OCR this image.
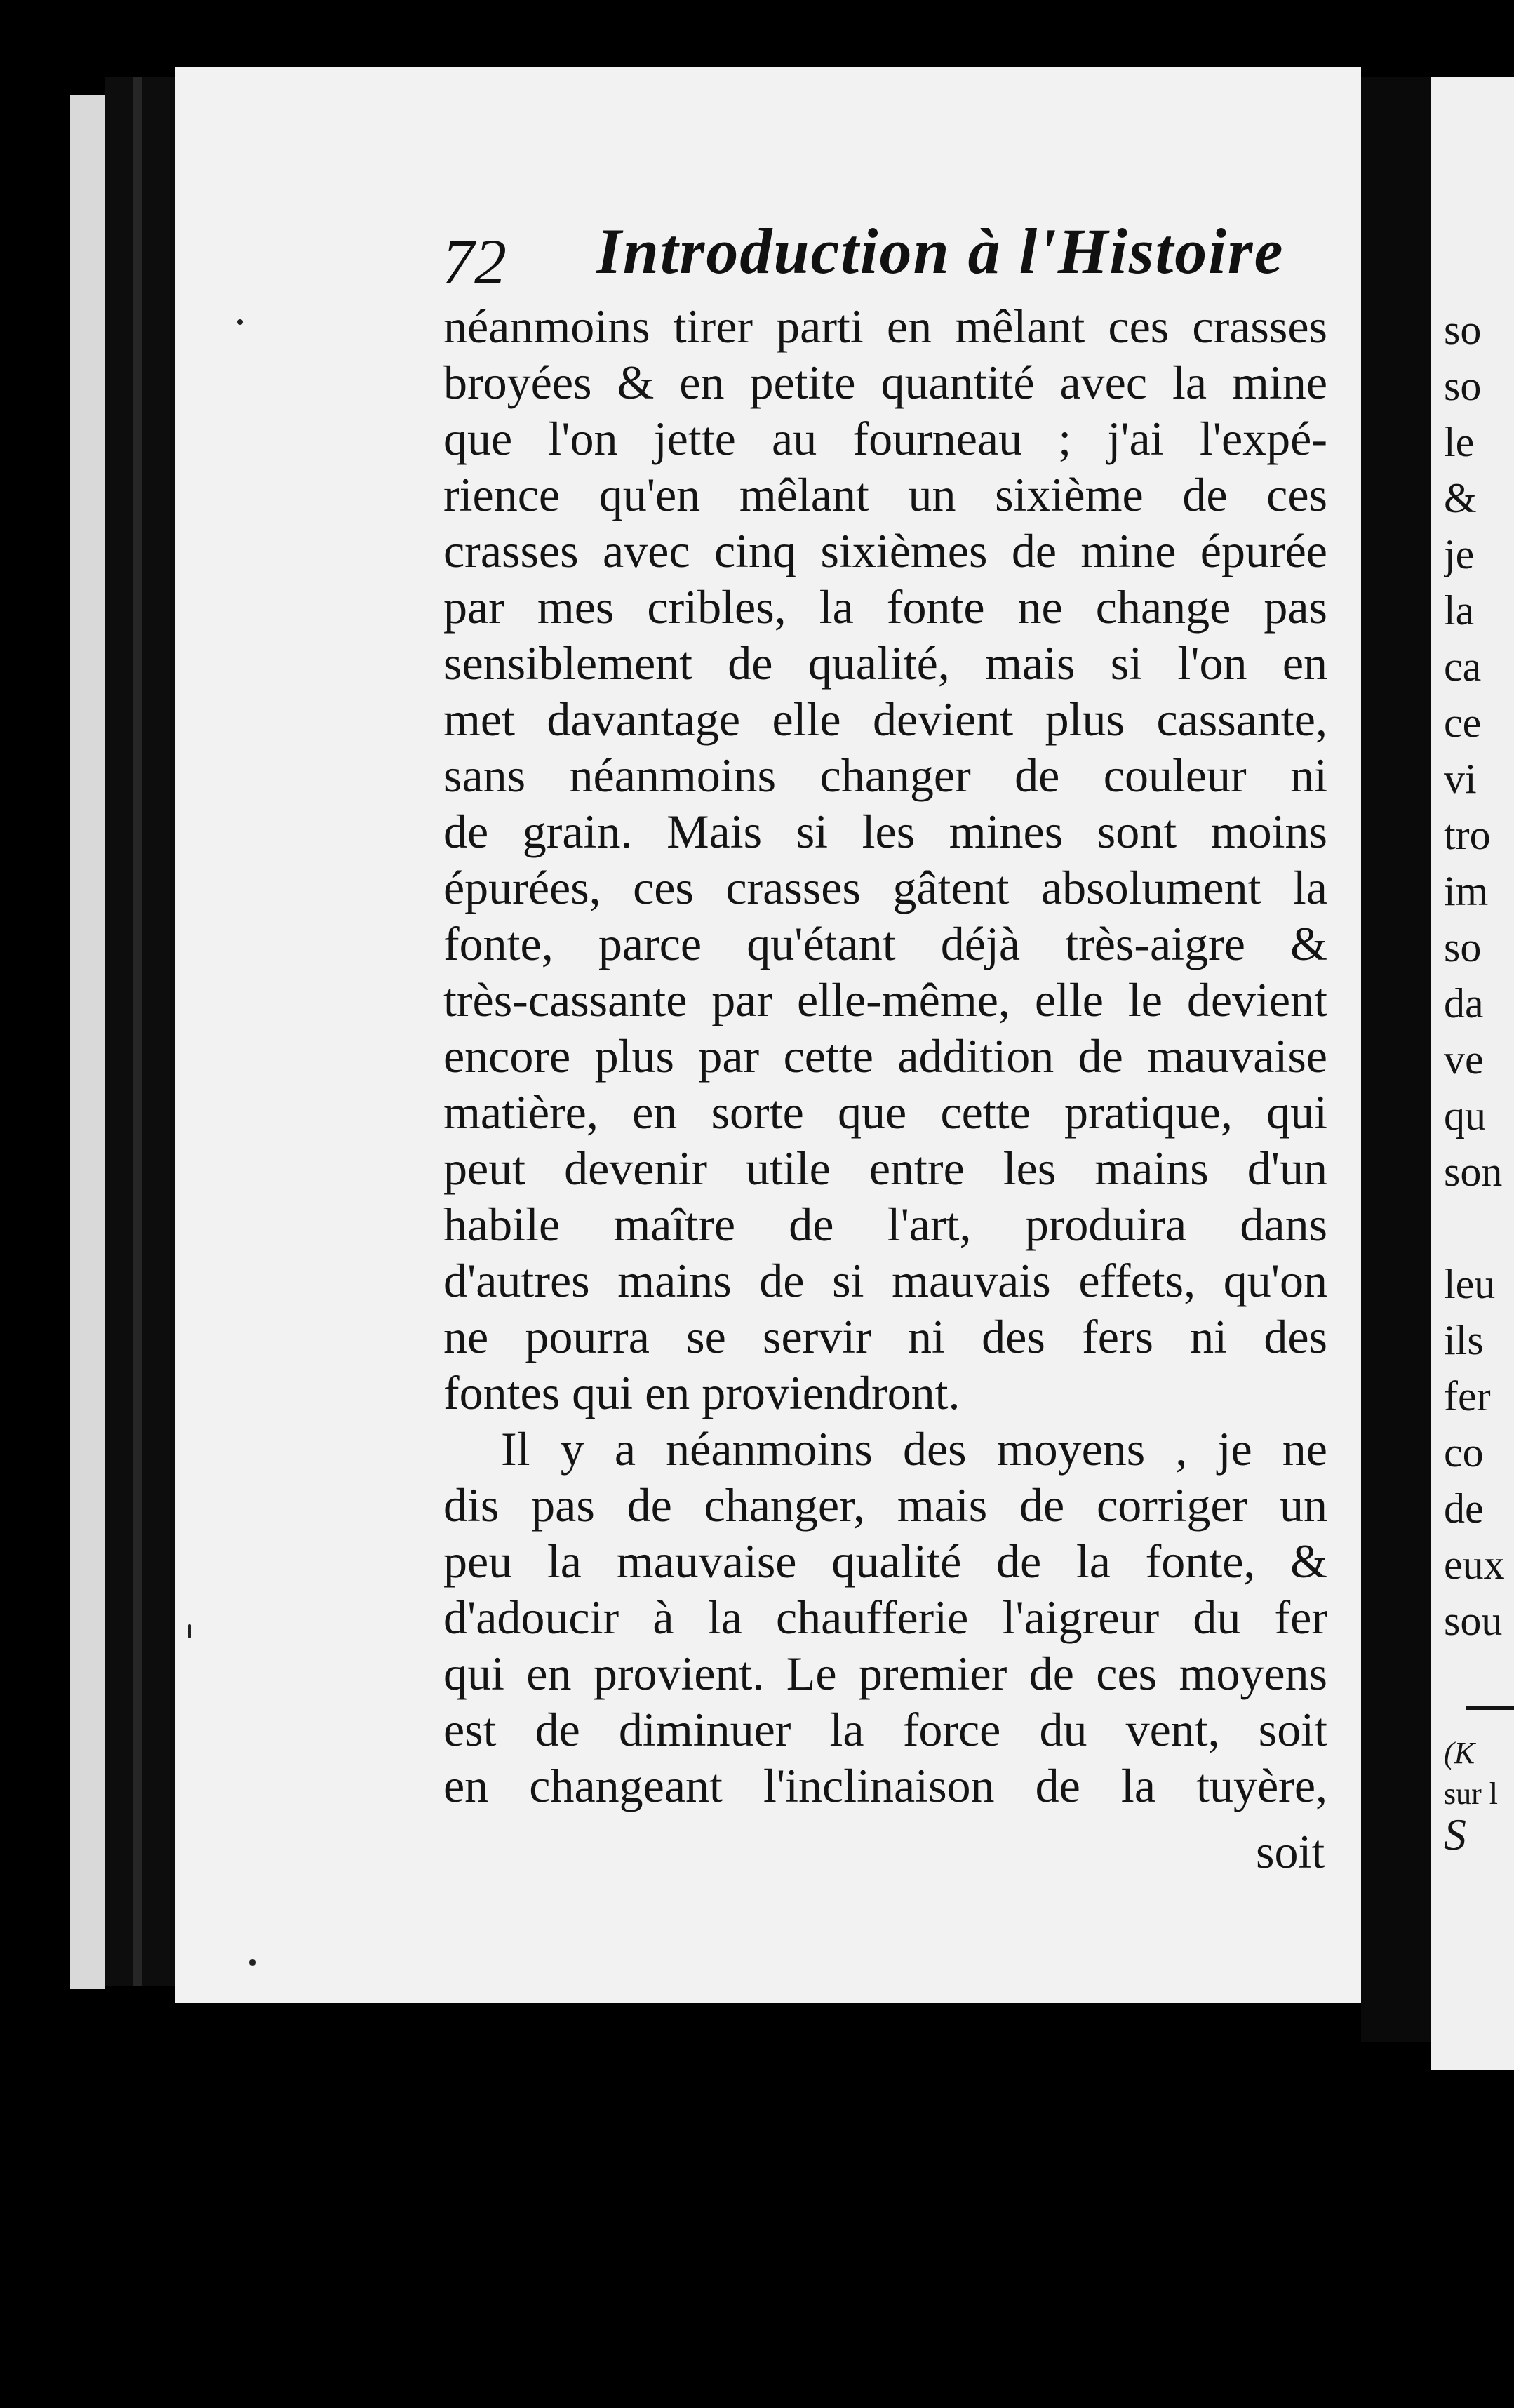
72 Introduction à l'Histoire
néanmoins tirer parti en mêlant ces crasses
broyées & en petite quantité avec la mine
que l'on jette au fourneau ; j'ai l'expé-
rience qu'en mêlant un sixième de ces
crasses avec cinq sixièmes de mine épurée
par mes cribles, la fonte ne change pas
sensiblement de qualité, mais si l'on en
met davantage elle devient plus cassante,
sans néanmoins changer de couleur ni
de grain. Mais si les mines sont moins
épurées, ces crasses gâtent absolument la
fonte, parce qu'étant déjà très-aigre &
très-cassante par elle-même, elle le devient
encore plus par cette addition de mauvaise
matière, en sorte que cette pratique, qui
peut devenir utile entre les mains d'un
habile maître de l'art, produira dans
d'autres mains de si mauvais effets, qu'on
ne pourra se servir ni des fers ni des
fontes qui en proviendront.
Il y a néanmoins des moyens , je ne
dis pas de changer, mais de corriger un
peu la mauvaise qualité de la fonte, &
d'adoucir à la chaufferie l'aigreur du fer
qui en provient. Le premier de ces moyens
est de diminuer la force du vent, soit
en changeant l'inclinaison de la tuyère,
soit
so
so
le
&
je
la
ca
ce
vi
tro
im
so
da
ve
qu
son

leu
ils
fer
co
de
eux
sou
(K
sur l
S
